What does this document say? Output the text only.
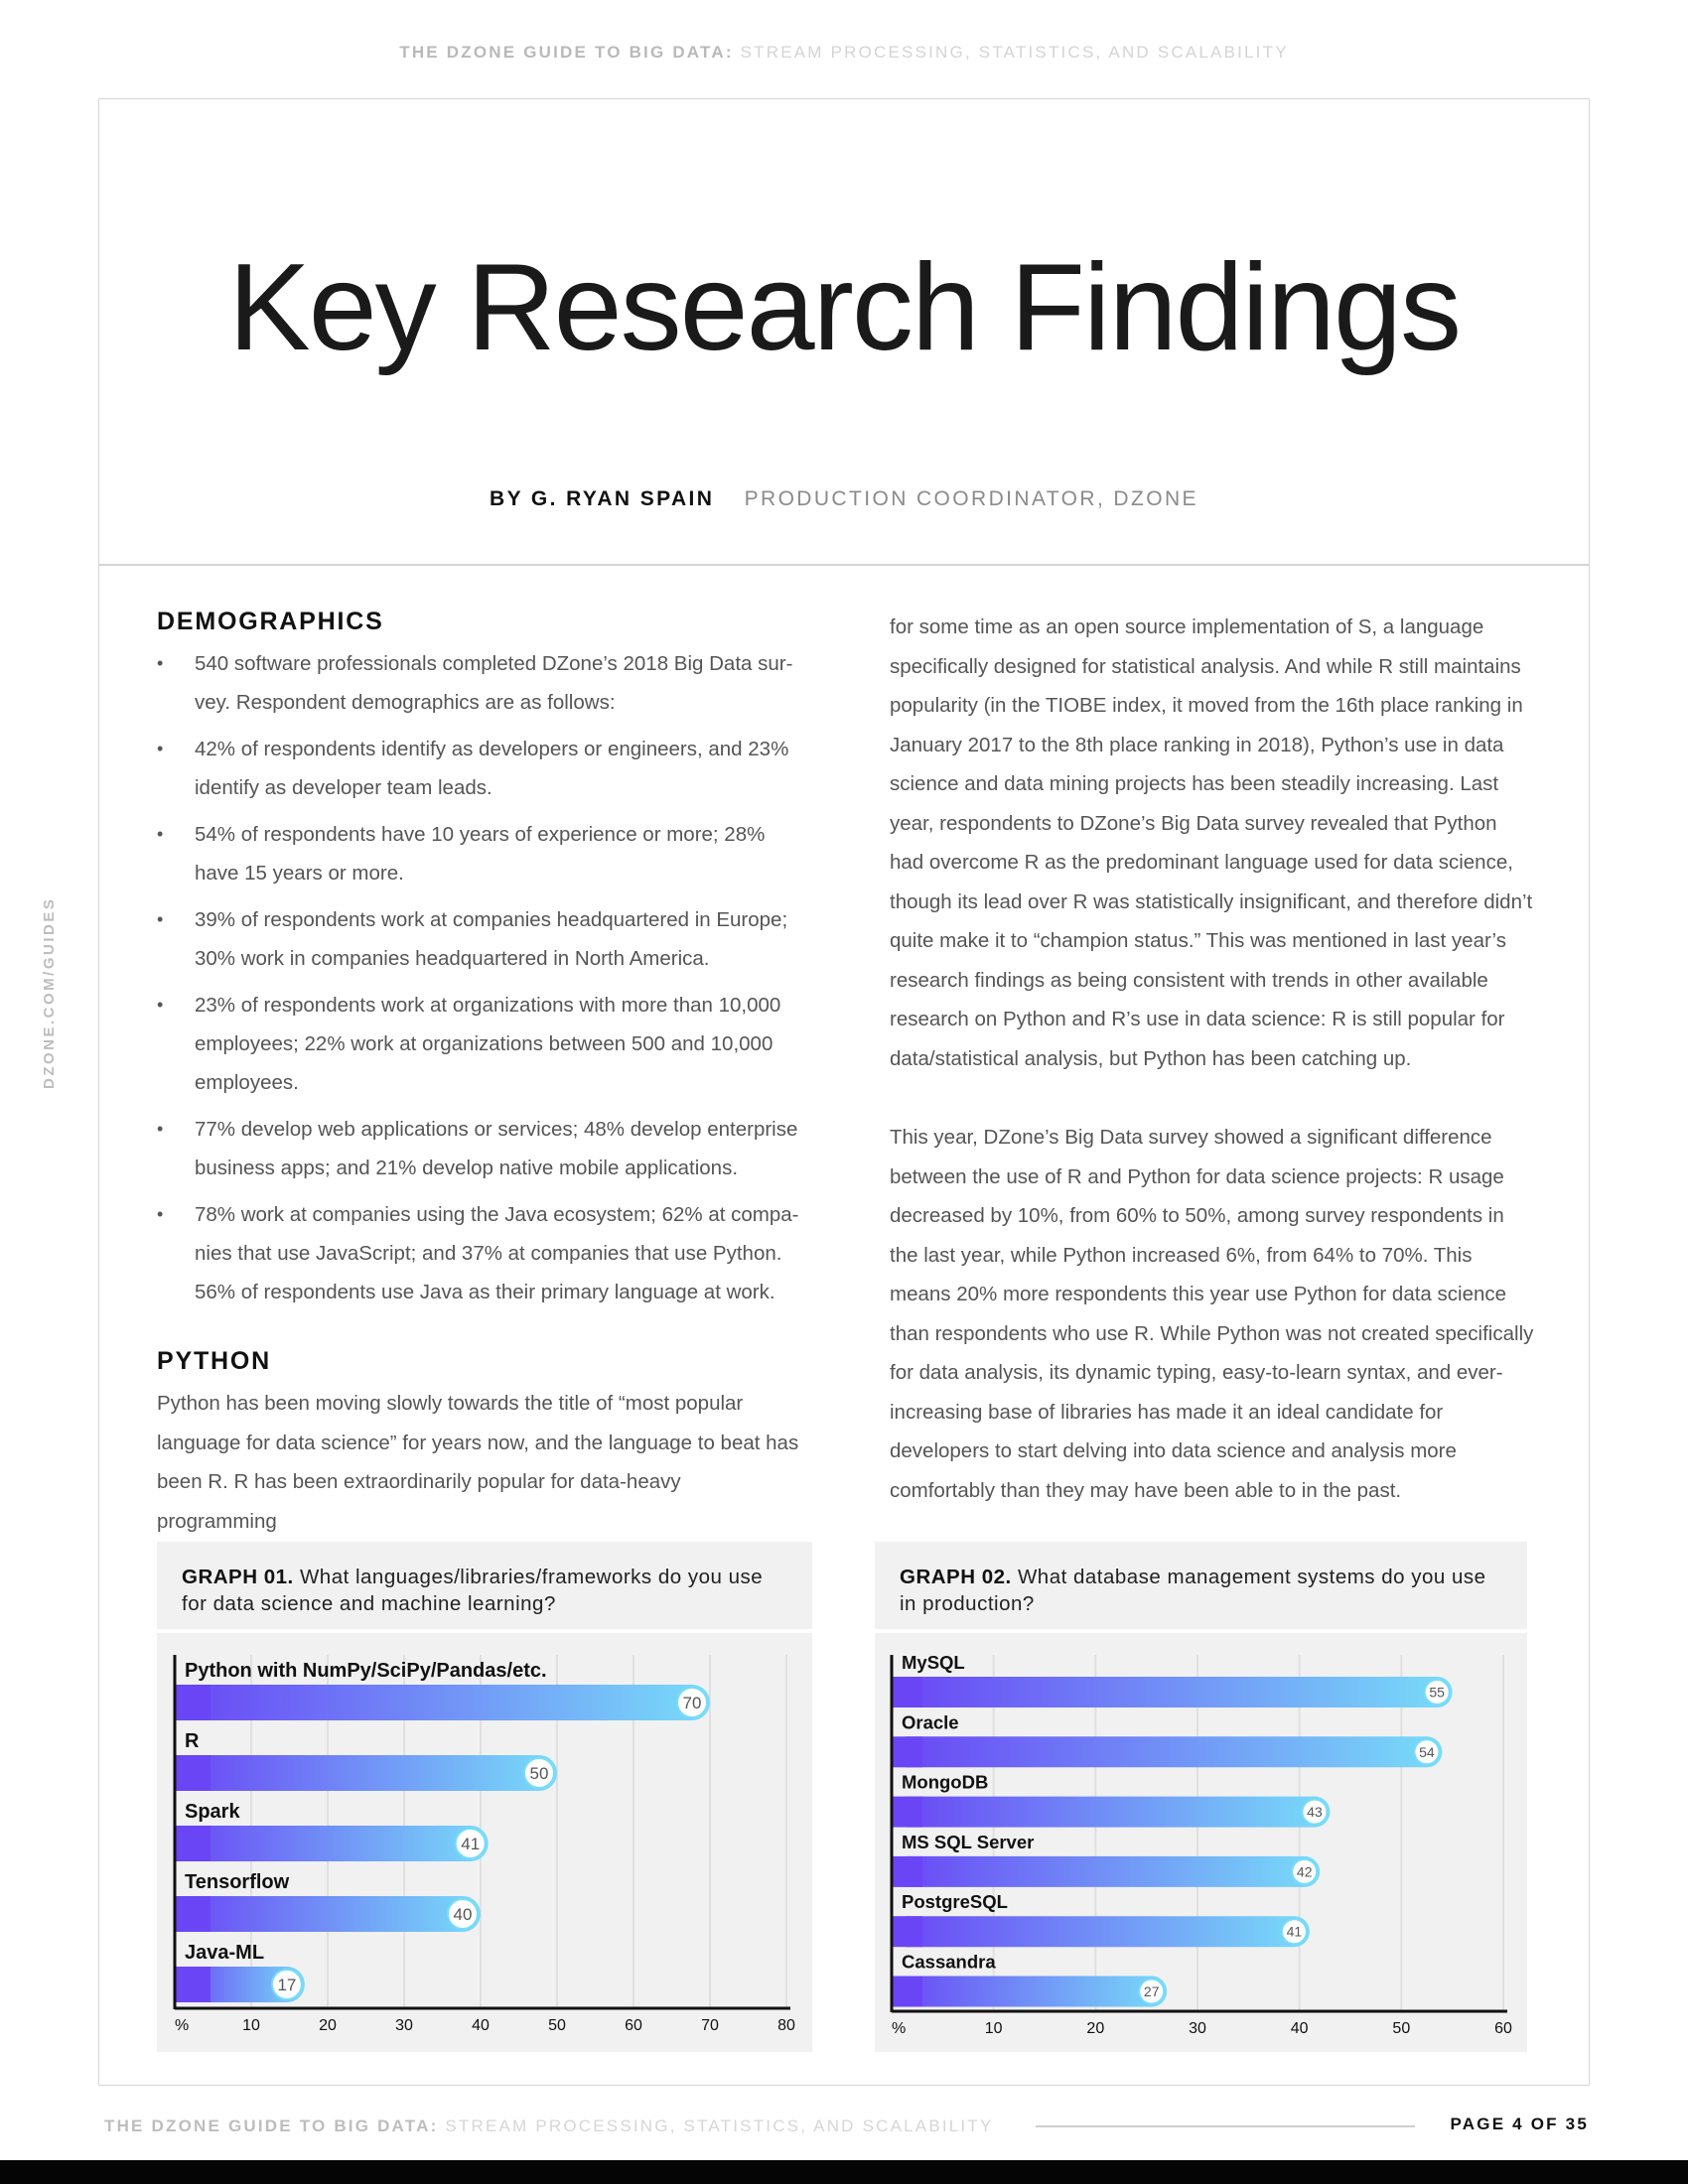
THE DZONE GUIDE TO BIG DATA: STREAM PROCESSING, STATISTICS, AND SCALABILITY
Key Research Findings
BY G. RYAN SPAIN PRODUCTION COORDINATOR, DZONE
DZONE.COM/GUIDES
DEMOGRAPHICS
• 540 software professionals completed DZone’s 2018 Big Data sur- vey. Respondent demographics are as follows:
• 42% of respondents identify as developers or engineers, and 23% identify as developer team leads.
• 54% of respondents have 10 years of experience or more; 28% have 15 years or more.
• 39% of respondents work at companies headquartered in Europe; 30% work in companies headquartered in North America.
• 23% of respondents work at organizations with more than 10,000 employees; 22% work at organizations between 500 and 10,000 employees.
• 77% develop web applications or services; 48% develop enterprise business apps; and 21% develop native mobile applications.
• 78% work at companies using the Java ecosystem; 62% at compa- nies that use JavaScript; and 37% at companies that use Python. 56% of respondents use Java as their primary language at work.
PYTHON

Python has been moving slowly towards the title of “most popular language for data science” for years now, and the language to beat has been R. R has been extraordinarily popular for data-heavy programming

for some time as an open source implementation of S, a language specifically designed for statistical analysis. And while R still maintains popularity (in the TIOBE index, it moved from the 16th place ranking in January 2017 to the 8th place ranking in 2018), Python’s use in data science and data mining projects has been steadily increasing. Last year, respondents to DZone’s Big Data survey revealed that Python had overcome R as the predominant language used for data science, though its lead over R was statistically insignificant, and therefore didn’t quite make it to “champion status.” This was mentioned in last year’s research findings as being consistent with trends in other available research on Python and R’s use in data science: R is still popular for data/statistical analysis, but Python has been catching up.

This year, DZone’s Big Data survey showed a significant difference between the use of R and Python for data science projects: R usage decreased by 10%, from 60% to 50%, among survey respondents in the last year, while Python increased 6%, from 64% to 70%. This means 20% more respondents this year use Python for data science than respondents who use R. While Python was not created specifically for data analysis, its dynamic typing, easy-to-learn syntax, and ever-increasing base of libraries has made it an ideal candidate for developers to start delving into data science and analysis more comfortably than they may have been able to in the past.

GRAPH 01. What languages/libraries/frameworks do you use for data science and machine learning?
Python with NumPy/SciPy/Pandas/etc.
70
R
50
Spark
41
Tensorflow
40
Java-ML
17
%	10	20	30	40	50	60	70	80
GRAPH 02. What database management systems do you use in production?
MySQL
55
Oracle
54
MongoDB
43
MS SQL Server
42
PostgreSQL
41
Cassandra
27
%	10	20	30	40	50	60
THE DZONE GUIDE TO BIG DATA: STREAM PROCESSING, STATISTICS, AND SCALABILITY	PAGE 4 OF 35
